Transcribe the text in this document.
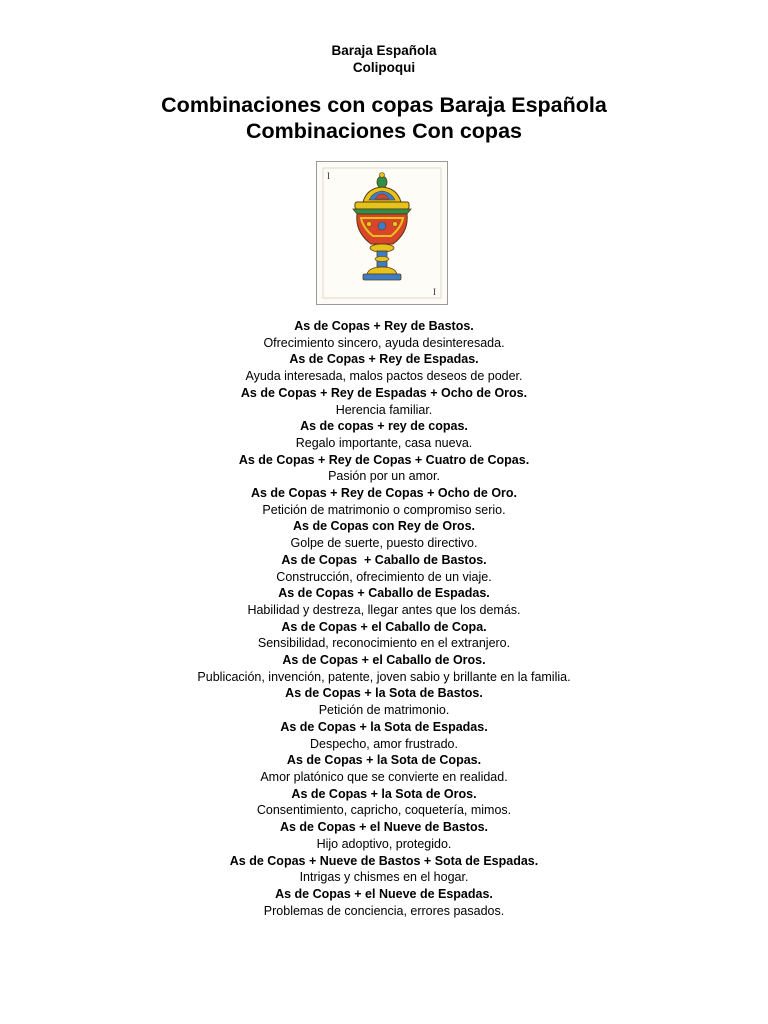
Baraja Española
Colipoqui
Combinaciones con copas Baraja Española
Combinaciones Con copas
I
I
As de Copas + Rey de Bastos.
Ofrecimiento sincero, ayuda desinteresada.
As de Copas + Rey de Espadas.
Ayuda interesada, malos pactos deseos de poder.
As de Copas + Rey de Espadas + Ocho de Oros.
Herencia familiar.
As de copas + rey de copas.
Regalo importante, casa nueva.
As de Copas + Rey de Copas + Cuatro de Copas.
Pasión por un amor.
As de Copas + Rey de Copas + Ocho de Oro.
Petición de matrimonio o compromiso serio.
As de Copas con Rey de Oros.
Golpe de suerte, puesto directivo.
As de Copas  + Caballo de Bastos.
Construcción, ofrecimiento de un viaje.
As de Copas + Caballo de Espadas.
Habilidad y destreza, llegar antes que los demás.
As de Copas + el Caballo de Copa.
Sensibilidad, reconocimiento en el extranjero.
As de Copas + el Caballo de Oros.
Publicación, invención, patente, joven sabio y brillante en la familia.
As de Copas + la Sota de Bastos.
Petición de matrimonio.
As de Copas + la Sota de Espadas.
Despecho, amor frustrado.
As de Copas + la Sota de Copas.
Amor platónico que se convierte en realidad.
As de Copas + la Sota de Oros.
Consentimiento, capricho, coquetería, mimos.
As de Copas + el Nueve de Bastos.
Hijo adoptivo, protegido.
As de Copas + Nueve de Bastos + Sota de Espadas.
Intrigas y chismes en el hogar.
As de Copas + el Nueve de Espadas.
Problemas de conciencia, errores pasados.
